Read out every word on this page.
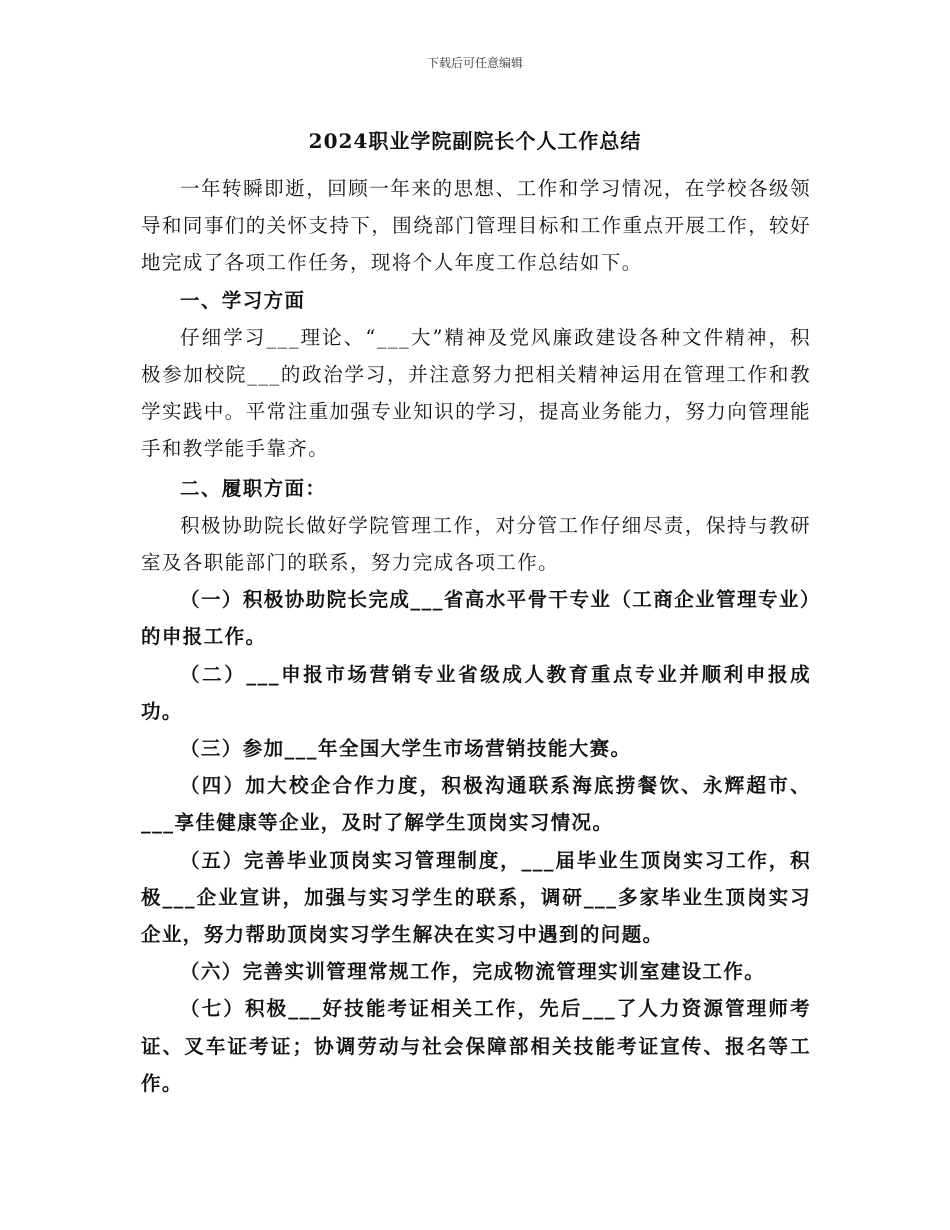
下载后可任意编辑
2024职业学院副院长个人工作总结

一年转瞬即逝，回顾一年来的思想、工作和学习情况，在学校各级领导和同事们的关怀支持下，围绕部门管理目标和工作重点开展工作，较好地完成了各项工作任务，现将个人年度工作总结如下。

一、学习方面

仔细学习___理论、“___大”精神及党风廉政建设各种文件精神，积极参加校院___的政治学习，并注意努力把相关精神运用在管理工作和教学实践中。平常注重加强专业知识的学习，提高业务能力，努力向管理能手和教学能手靠齐。

二、履职方面：

积极协助院长做好学院管理工作，对分管工作仔细尽责，保持与教研室及各职能部门的联系，努力完成各项工作。

（一）积极协助院长完成___省高水平骨干专业（工商企业管理专业）的申报工作。

（二）___申报市场营销专业省级成人教育重点专业并顺利申报成功。

（三）参加___年全国大学生市场营销技能大赛。

（四）加大校企合作力度，积极沟通联系海底捞餐饮、永辉超市、___享佳健康等企业，及时了解学生顶岗实习情况。

（五）完善毕业顶岗实习管理制度，___届毕业生顶岗实习工作，积极___企业宣讲，加强与实习学生的联系，调研___多家毕业生顶岗实习企业，努力帮助顶岗实习学生解决在实习中遇到的问题。

（六）完善实训管理常规工作，完成物流管理实训室建设工作。

（七）积极___好技能考证相关工作，先后___了人力资源管理师考证、叉车证考证；协调劳动与社会保障部相关技能考证宣传、报名等工作。
